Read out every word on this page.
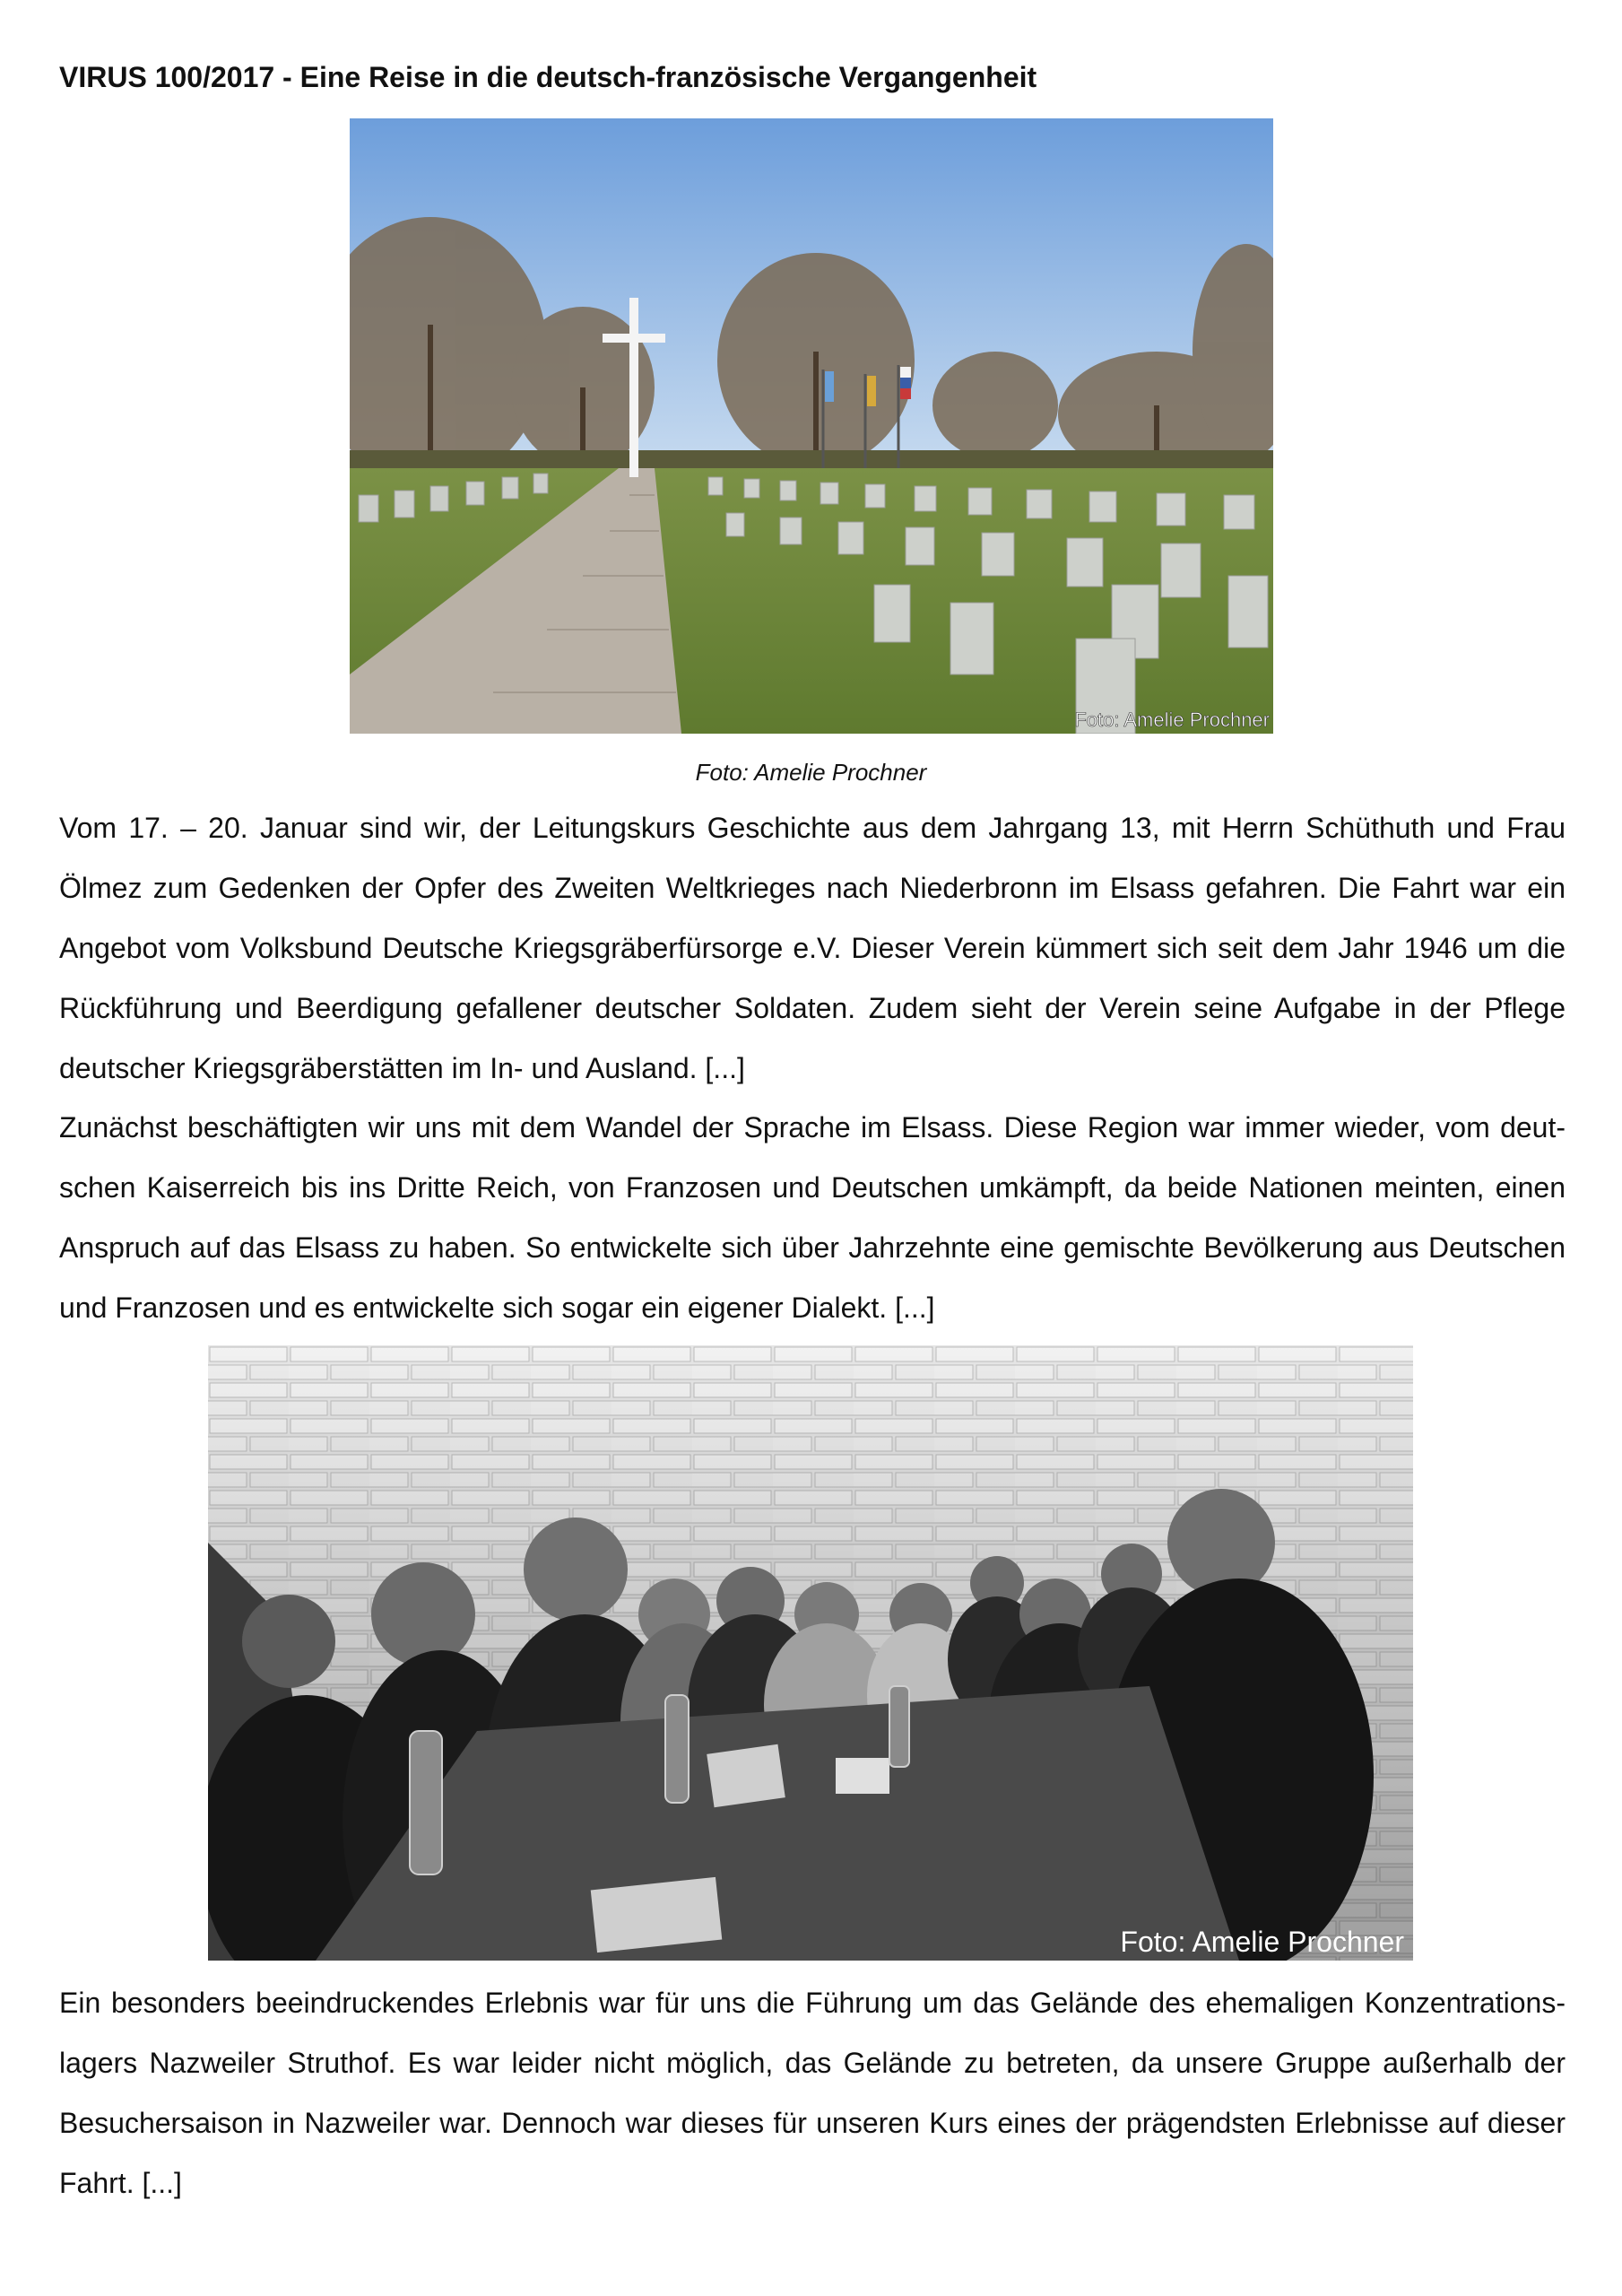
VIRUS 100/2017 - Eine Reise in die deutsch-französische Vergangenheit
Foto: Amelie Prochner
Foto: Amelie Prochner
Vom 17. – 20. Januar sind wir, der Leitungskurs Geschichte aus dem Jahrgang 13, mit Herrn Schüthuth und Frau
Ölmez zum Gedenken der Opfer des Zweiten Weltkrieges nach Niederbronn im Elsass gefahren. Die Fahrt war ein
Angebot vom Volksbund Deutsche Kriegsgräberfürsorge e.V. Dieser Verein kümmert sich seit dem Jahr 1946 um die
Rückführung und Beerdigung gefallener deutscher Soldaten. Zudem sieht der Verein seine Aufgabe in der Pflege
deutscher Kriegsgräberstätten im In- und Ausland. [...]
Zunächst beschäftigten wir uns mit dem Wandel der Sprache im Elsass. Diese Region war immer wieder, vom deut-
schen Kaiserreich bis ins Dritte Reich, von Franzosen und Deutschen umkämpft, da beide Nationen meinten, einen
Anspruch auf das Elsass zu haben. So entwickelte sich über Jahrzehnte eine gemischte Bevölkerung aus Deutschen
und Franzosen und es entwickelte sich sogar ein eigener Dialekt. [...]
Foto: Amelie Prochner
Ein besonders beeindruckendes Erlebnis war für uns die Führung um das Gelände des ehemaligen Konzentrations-
lagers Nazweiler Struthof. Es war leider nicht möglich, das Gelände zu betreten, da unsere Gruppe außerhalb der
Besuchersaison in Nazweiler war. Dennoch war dieses für unseren Kurs eines der prägendsten Erlebnisse auf dieser
Fahrt. [...]
